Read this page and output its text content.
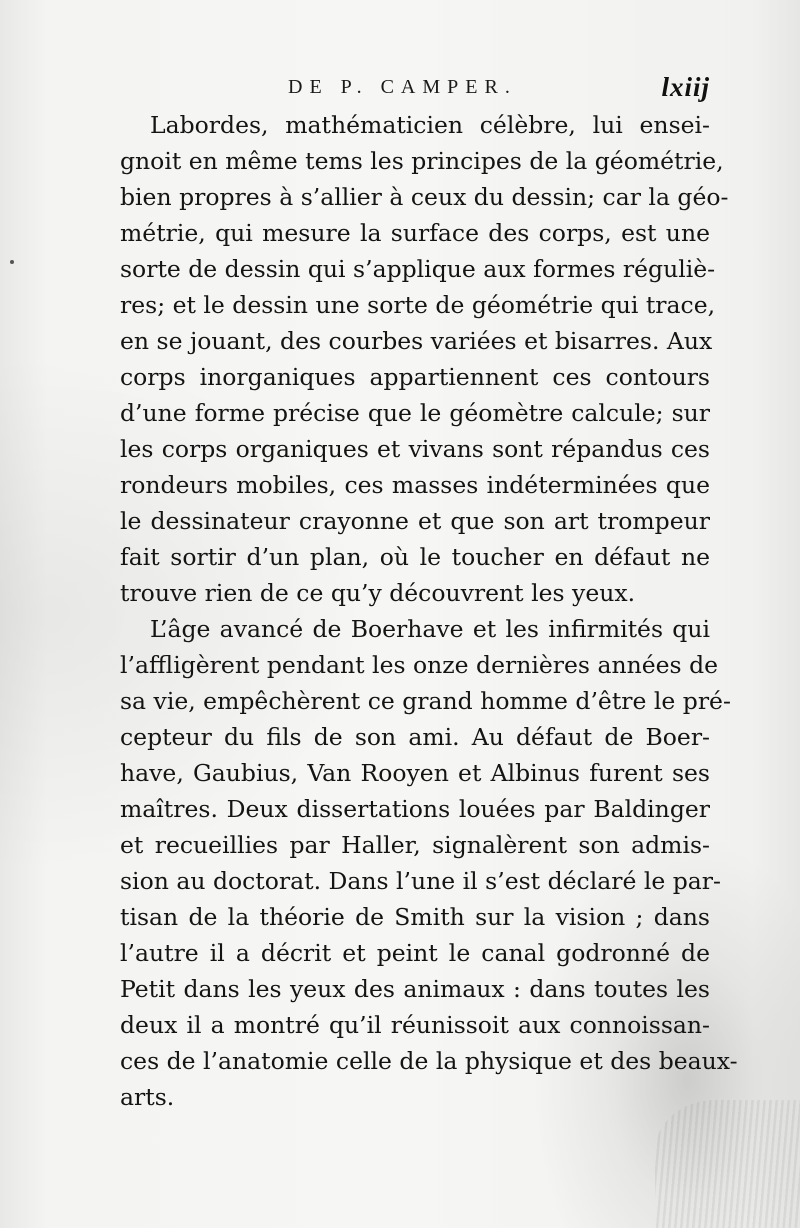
DE P. CAMPER.	lxiij
Labordes, mathématicien célèbre, lui ensei-
gnoit en même tems les principes de la géométrie,
bien propres à s’allier à ceux du dessin; car la géo-
métrie, qui mesure la surface des corps, est une
sorte de dessin qui s’applique aux formes réguliè-
res; et le dessin une sorte de géométrie qui trace,
en se jouant, des courbes variées et bisarres. Aux
corps inorganiques appartiennent ces contours
d’une forme précise que le géomètre calcule; sur
les corps organiques et vivans sont répandus ces
rondeurs mobiles, ces masses indéterminées que
le dessinateur crayonne et que son art trompeur
fait sortir d’un plan, où le toucher en défaut ne
trouve rien de ce qu’y découvrent les yeux.
L’âge avancé de Boerhave et les infirmités qui
l’affligèrent pendant les onze dernières années de
sa vie, empêchèrent ce grand homme d’être le pré-
cepteur du fils de son ami. Au défaut de Boer-
have, Gaubius, Van Rooyen et Albinus furent ses
maîtres. Deux dissertations louées par Baldinger
et recueillies par Haller, signalèrent son admis-
sion au doctorat. Dans l’une il s’est déclaré le par-
tisan de la théorie de Smith sur la vision ; dans
l’autre il a décrit et peint le canal godronné de
Petit dans les yeux des animaux : dans toutes les
deux il a montré qu’il réunissoit aux connoissan-
ces de l’anatomie celle de la physique et des beaux-
arts.
